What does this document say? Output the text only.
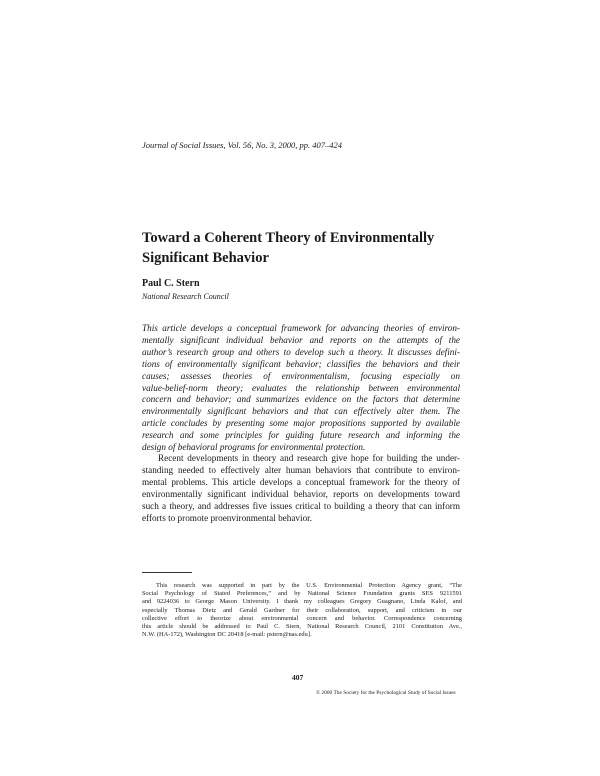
Journal of Social Issues, Vol. 56, No. 3, 2000, pp. 407–424
Toward a Coherent Theory of Environmentally
Significant Behavior
Paul C. Stern
National Research Council
This article develops a conceptual framework for advancing theories of environ-
mentally significant individual behavior and reports on the attempts of the
author’s research group and others to develop such a theory. It discusses defini-
tions of environmentally significant behavior; classifies the behaviors and their
causes; assesses theories of environmentalism, focusing especially on
value-belief-norm theory; evaluates the relationship between environmental
concern and behavior; and summarizes evidence on the factors that determine
environmentally significant behaviors and that can effectively alter them. The
article concludes by presenting some major propositions supported by available
research and some principles for guiding future research and informing the
design of behavioral programs for environmental protection.
Recent developments in theory and research give hope for building the under-
standing needed to effectively alter human behaviors that contribute to environ-
mental problems. This article develops a conceptual framework for the theory of
environmentally significant individual behavior, reports on developments toward
such a theory, and addresses five issues critical to building a theory that can inform
efforts to promote proenvironmental behavior.
This research was supported in part by the U.S. Environmental Protection Agency grant, “The
Social Psychology of Stated Preferences,” and by National Science Foundation grants SES 9211591
and 9224036 to George Mason University. I thank my colleagues Gregory Guagnano, Linda Kalof, and
especially Thomas Dietz and Gerald Gardner for their collaboration, support, and criticism in our
collective effort to theorize about environmental concern and behavior. Correspondence concerning
this article should be addressed to Paul C. Stern, National Research Council, 2101 Constitution Ave.,
N.W. (HA-172), Washington DC 20418 [e-mail: pstern@nas.edu].
407
© 2000 The Society for the Psychological Study of Social Issues
